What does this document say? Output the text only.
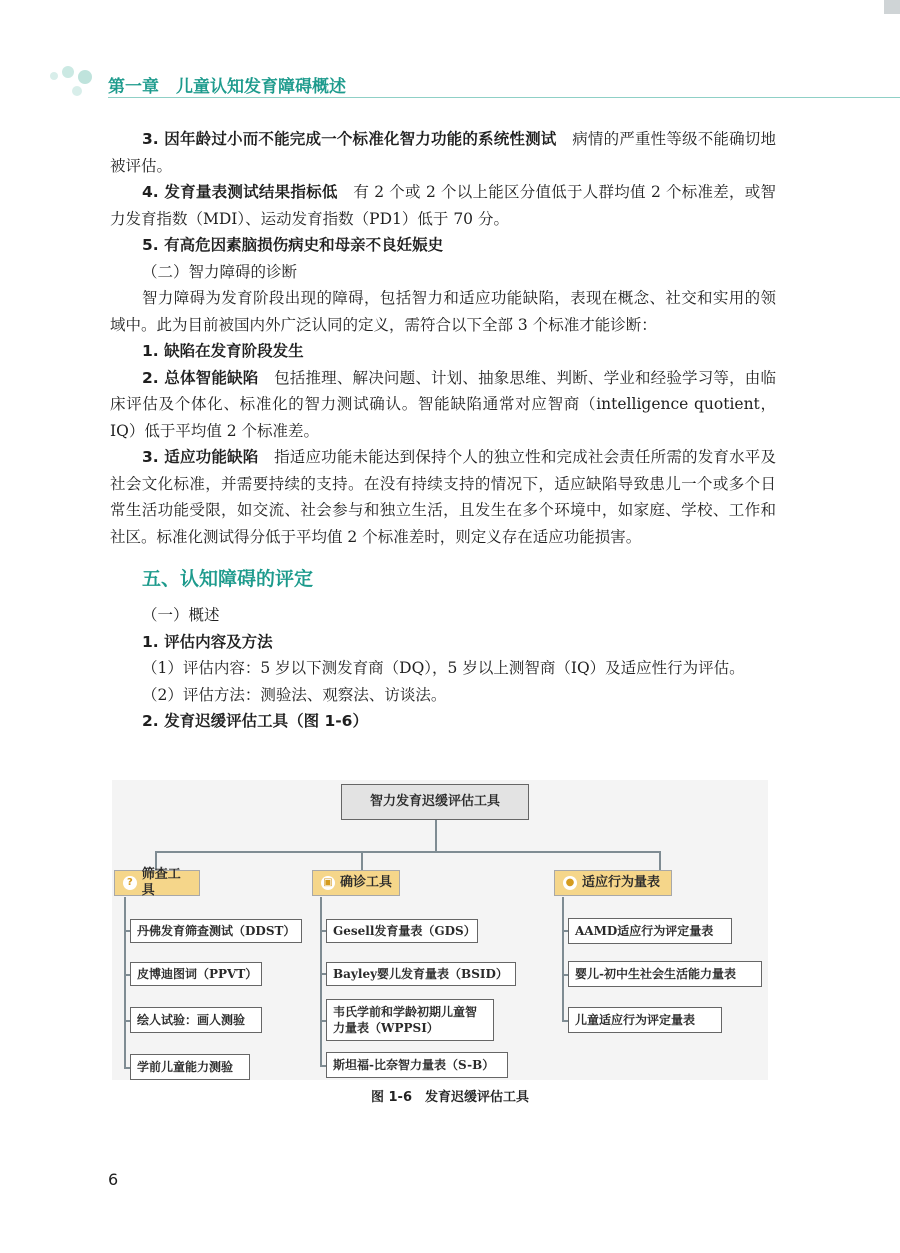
第一章　儿童认知发育障碍概述

3. 因年龄过小而不能完成一个标准化智力功能的系统性测试　 病情的严重性等级不能确切地被评估。

4. 发育量表测试结果指标低　 有 2 个或 2 个以上能区分值低于人群均值 2 个标准差，或智力发育指数（MDI）、运动发育指数（PD1）低于 70 分。

5. 有高危因素脑损伤病史和母亲不良妊娠史

（二）智力障碍的诊断

智力障碍为发育阶段出现的障碍，包括智力和适应功能缺陷，表现在概念、社交和实用的领域中。此为目前被国内外广泛认同的定义，需符合以下全部 3 个标准才能诊断：

1. 缺陷在发育阶段发生

2. 总体智能缺陷　 包括推理、解决问题、计划、抽象思维、判断、学业和经验学习等，由临床评估及个体化、标准化的智力测试确认。智能缺陷通常对应智商（intelligence quotient，IQ）低于平均值 2 个标准差。

3. 适应功能缺陷　 指适应功能未能达到保持个人的独立性和完成社会责任所需的发育水平及社会文化标准，并需要持续的支持。在没有持续支持的情况下，适应缺陷导致患儿一个或多个日常生活功能受限，如交流、社会参与和独立生活，且发生在多个环境中，如家庭、学校、工作和社区。标准化测试得分低于平均值 2 个标准差时，则定义存在适应功能损害。

五、认知障碍的评定

（一）概述

1. 评估内容及方法

（1）评估内容：5 岁以下测发育商（DQ），5 岁以上测智商（IQ）及适应性行为评估。

（2）评估方法：测验法、观察法、访谈法。

2. 发育迟缓评估工具（图 1-6）

智力发育迟缓评估工具
?
筛查工具
▣ 确诊工具	● 适应行为量表
丹佛发育筛查测试（DDST）
皮博迪图词（PPVT）
绘人试验：画人测验
学前儿童能力测验
Gesell发育量表（GDS）
Bayley婴儿发育量表（BSID）
韦氏学前和学龄初期儿童智力量表（WPPSI）
斯坦福-比奈智力量表（S-B）
AAMD适应行为评定量表
婴儿-初中生社会生活能力量表
儿童适应行为评定量表
图 1-6　发育迟缓评估工具
6
